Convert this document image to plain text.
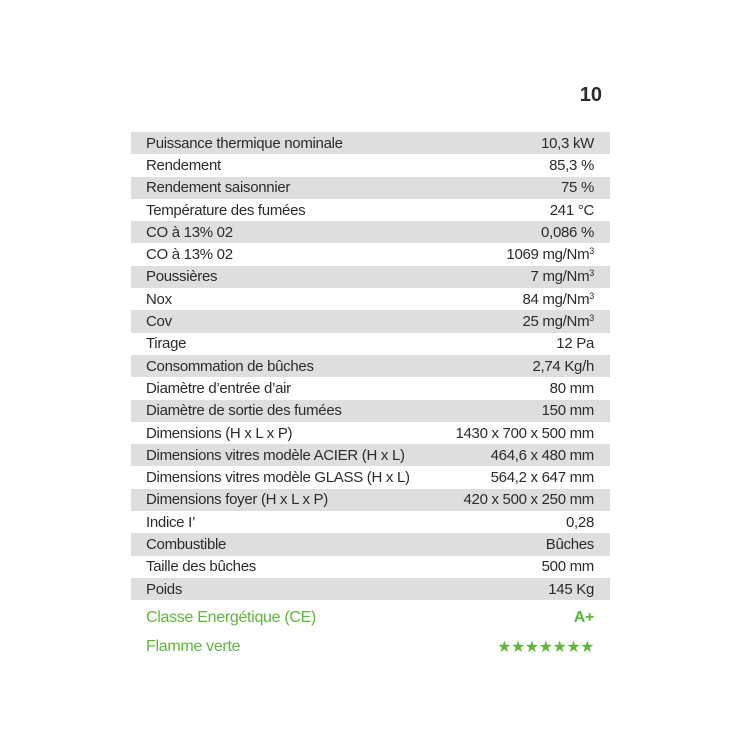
10
Puissance thermique nominale	10,3 kW
Rendement	85,3 %
Rendement saisonnier	75 %
Température des fumées	241 °C
CO à 13% 02	0,086 %
CO à 13% 02	1069 mg/Nm$^3$
Poussières	7 mg/Nm$^3$
Nox	84 mg/Nm$^3$
Cov	25 mg/Nm$^3$
Tirage	12 Pa
Consommation de bûches	2,74 Kg/h
Diamètre d’entrée d’air	80 mm
Diamètre de sortie des fumées	150 mm
Dimensions (H x L x P)	1430 x 700 x 500 mm
Dimensions vitres modèle ACIER (H x L)	464,6 x 480 mm
Dimensions vitres modèle GLASS (H x L)	564,2 x 647 mm
Dimensions foyer (H x L x P)	420 x 500 x 250 mm
Indice I’	0,28
Combustible	Bûches
Taille des bûches	500 mm
Poids	145 Kg
Classe Energétique (CE)	A+
Flamme verte	★★★★★★★
